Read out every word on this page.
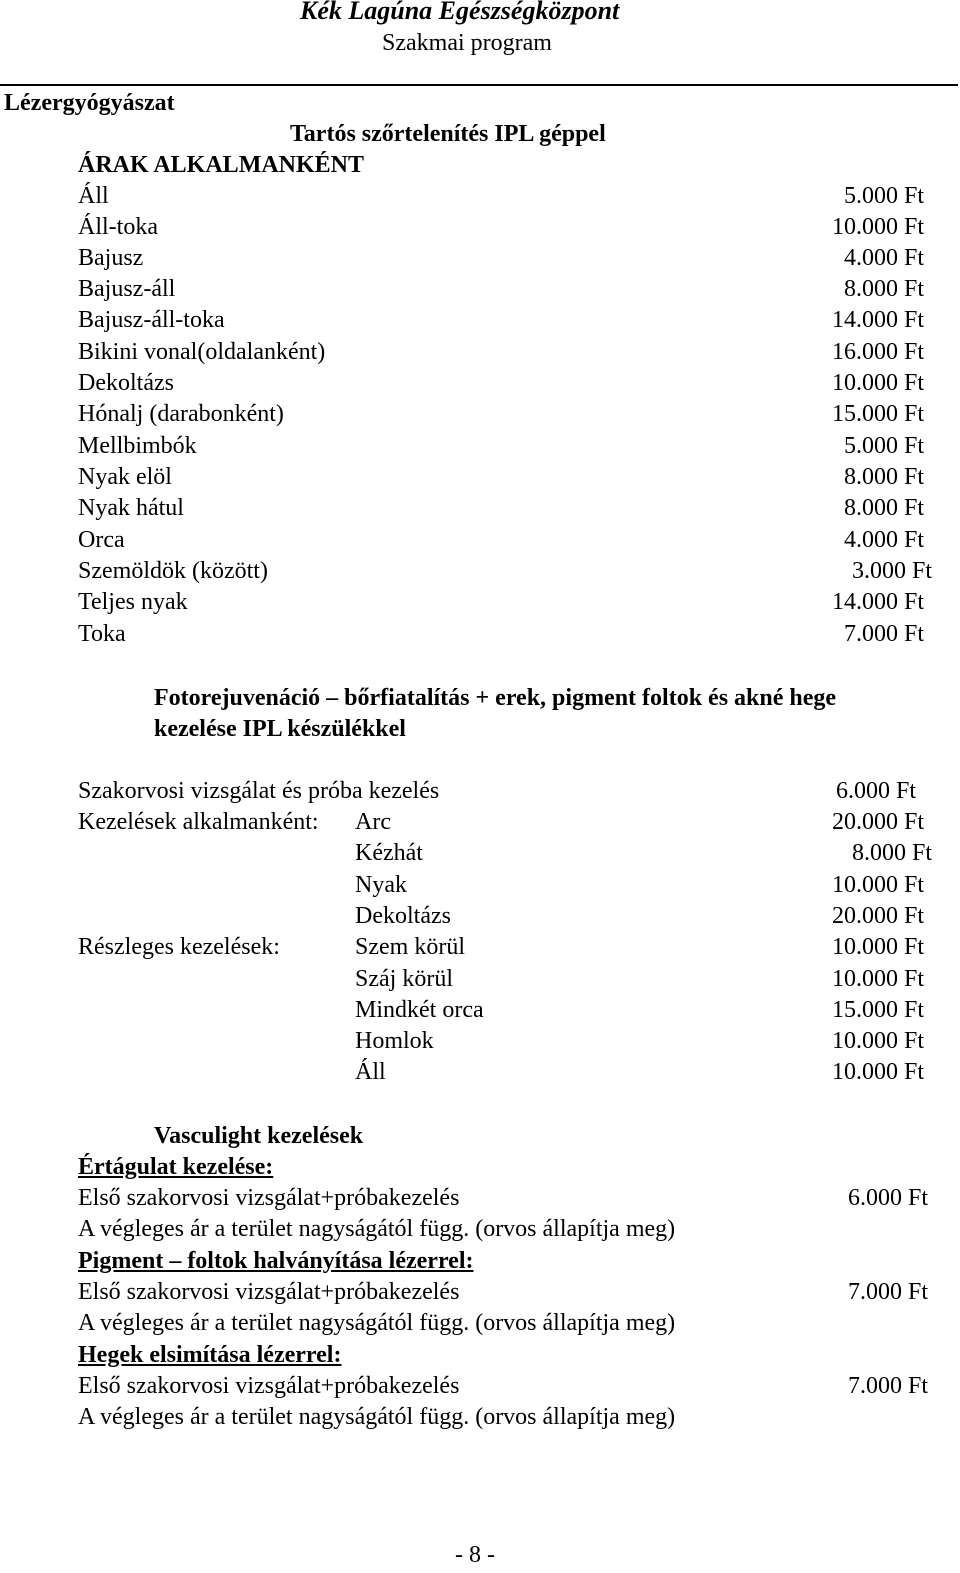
Kék Lagúna Egészségközpont
Szakmai program
Lézergyógyászat
Tartós szőrtelenítés IPL géppel
ÁRAK ALKALMANKÉNT
Áll	5.000 Ft
Áll-toka	10.000 Ft
Bajusz	4.000 Ft
Bajusz-áll	8.000 Ft
Bajusz-áll-toka	14.000 Ft
Bikini vonal(oldalanként)	16.000 Ft
Dekoltázs	10.000 Ft
Hónalj (darabonként)	15.000 Ft
Mellbimbók	5.000 Ft
Nyak elöl	8.000 Ft
Nyak hátul	8.000 Ft
Orca	4.000 Ft
Szemöldök (között)	3.000 Ft
Teljes nyak	14.000 Ft
Toka	7.000 Ft
Fotorejuvenáció – bőrfiatalítás + erek, pigment foltok és akné hege
kezelése IPL készülékkel
Szakorvosi vizsgálat és próba kezelés	6.000 Ft
Kezelések alkalmanként: Arc	20.000 Ft
Kézhát	8.000 Ft
Nyak	10.000 Ft
Dekoltázs	20.000 Ft
Részleges kezelések:	Szem körül	10.000 Ft
Száj körül	10.000 Ft
Mindkét orca	15.000 Ft
Homlok	10.000 Ft
Áll	10.000 Ft
Vasculight kezelések
Értágulat kezelése:
Első szakorvosi vizsgálat+próbakezelés	6.000 Ft
A végleges ár a terület nagyságától függ. (orvos állapítja meg)
Pigment – foltok halványítása lézerrel:
Első szakorvosi vizsgálat+próbakezelés	7.000 Ft
A végleges ár a terület nagyságától függ. (orvos állapítja meg)
Hegek elsimítása lézerrel:
Első szakorvosi vizsgálat+próbakezelés	7.000 Ft
A végleges ár a terület nagyságától függ. (orvos állapítja meg)
- 8 -
